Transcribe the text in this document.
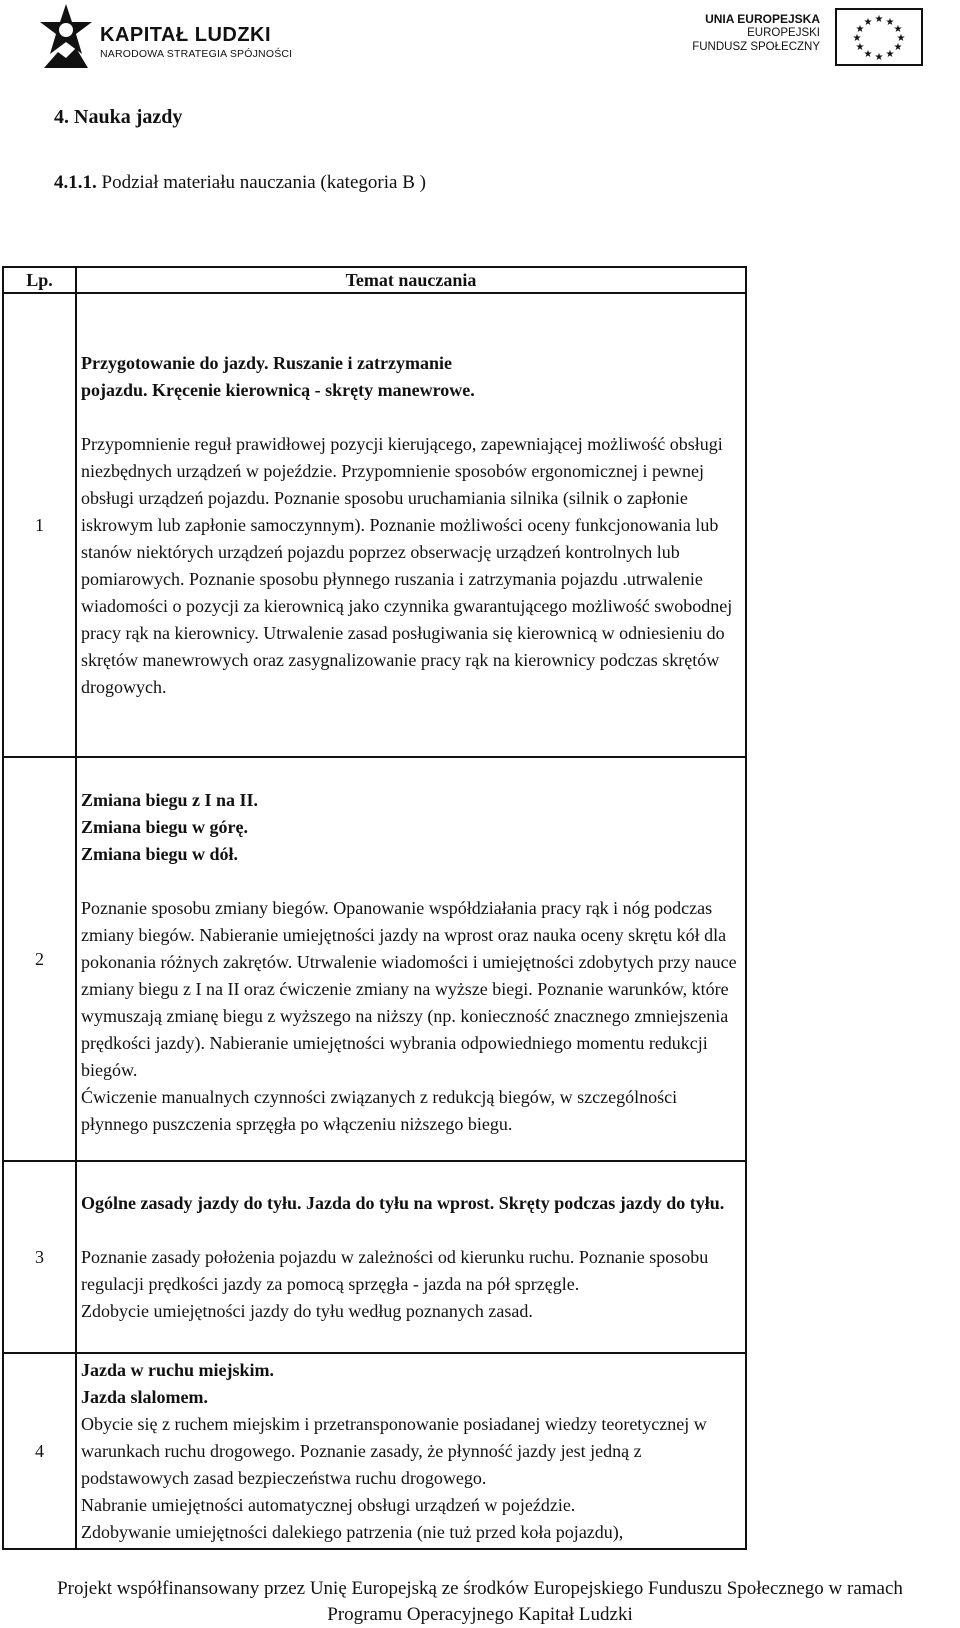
KAPITAŁ LUDZKI
NARODOWA STRATEGIA SPÓJNOŚCI
UNIA EUROPEJSKA
EUROPEJSKI
FUNDUSZ SPOŁECZNY
★ ★
★
★
★
★
★
★
★
★
★
★
4. Nauka jazdy
4.1.1. Podział materiału nauczania (kategoria B )
Lp.	Temat nauczania
1	Przygotowanie do jazdy. Ruszanie i zatrzymanie pojazdu. Kręcenie kierownicą - skręty manewrowe.
Przypomnienie reguł prawidłowej pozycji kierującego, zapewniającej możliwość obsługi niezbędnych urządzeń w pojeździe. Przypomnienie sposobów ergonomicznej i pewnej obsługi urządzeń pojazdu. Poznanie sposobu uruchamiania silnika (silnik o zapłonie iskrowym lub zapłonie samoczynnym). Poznanie możliwości oceny funkcjonowania lub stanów niektórych urządzeń pojazdu poprzez obserwację urządzeń kontrolnych lub pomiarowych. Poznanie sposobu płynnego ruszania i zatrzymania pojazdu .utrwalenie wiadomości o pozycji za kierownicą jako czynnika gwarantującego możliwość swobodnej pracy rąk na kierownicy. Utrwalenie zasad posługiwania się kierownicą w odniesieniu do skrętów manewrowych oraz zasygnalizowanie pracy rąk na kierownicy podczas skrętów drogowych.

2	Zmiana biegu z I na II.
Zmiana biegu w górę.
Zmiana biegu w dół.
Poznanie sposobu zmiany biegów. Opanowanie współdziałania pracy rąk i nóg podczas zmiany biegów. Nabieranie umiejętności jazdy na wprost oraz nauka oceny skrętu kół dla pokonania różnych zakrętów. Utrwalenie wiadomości i umiejętności zdobytych przy nauce zmiany biegu z I na II oraz ćwiczenie zmiany na wyższe biegi. Poznanie warunków, które wymuszają zmianę biegu z wyższego na niższy (np. konieczność znacznego zmniejszenia prędkości jazdy). Nabieranie umiejętności wybrania odpowiedniego momentu redukcji biegów.
Ćwiczenie manualnych czynności związanych z redukcją biegów, w szczególności płynnego puszczenia sprzęgła po włączeniu niższego biegu.

3	Ogólne zasady jazdy do tyłu. Jazda do tyłu na wprost. Skręty podczas jazdy do tyłu.
Poznanie zasady położenia pojazdu w zależności od kierunku ruchu. Poznanie sposobu regulacji prędkości jazdy za pomocą sprzęgła - jazda na pół sprzęgle.
Zdobycie umiejętności jazdy do tyłu według poznanych zasad.

4	Jazda w ruchu miejskim.
Jazda slalomem.
Obycie się z ruchem miejskim i przetransponowanie posiadanej wiedzy teoretycznej w warunkach ruchu drogowego. Poznanie zasady, że płynność jazdy jest jedną z podstawowych zasad bezpieczeństwa ruchu drogowego.
Nabranie umiejętności automatycznej obsługi urządzeń w pojeździe.
Zdobywanie umiejętności dalekiego patrzenia (nie tuż przed koła pojazdu),
Projekt współfinansowany przez Unię Europejską ze środków Europejskiego Funduszu Społecznego w ramach
Programu Operacyjnego Kapitał Ludzki
